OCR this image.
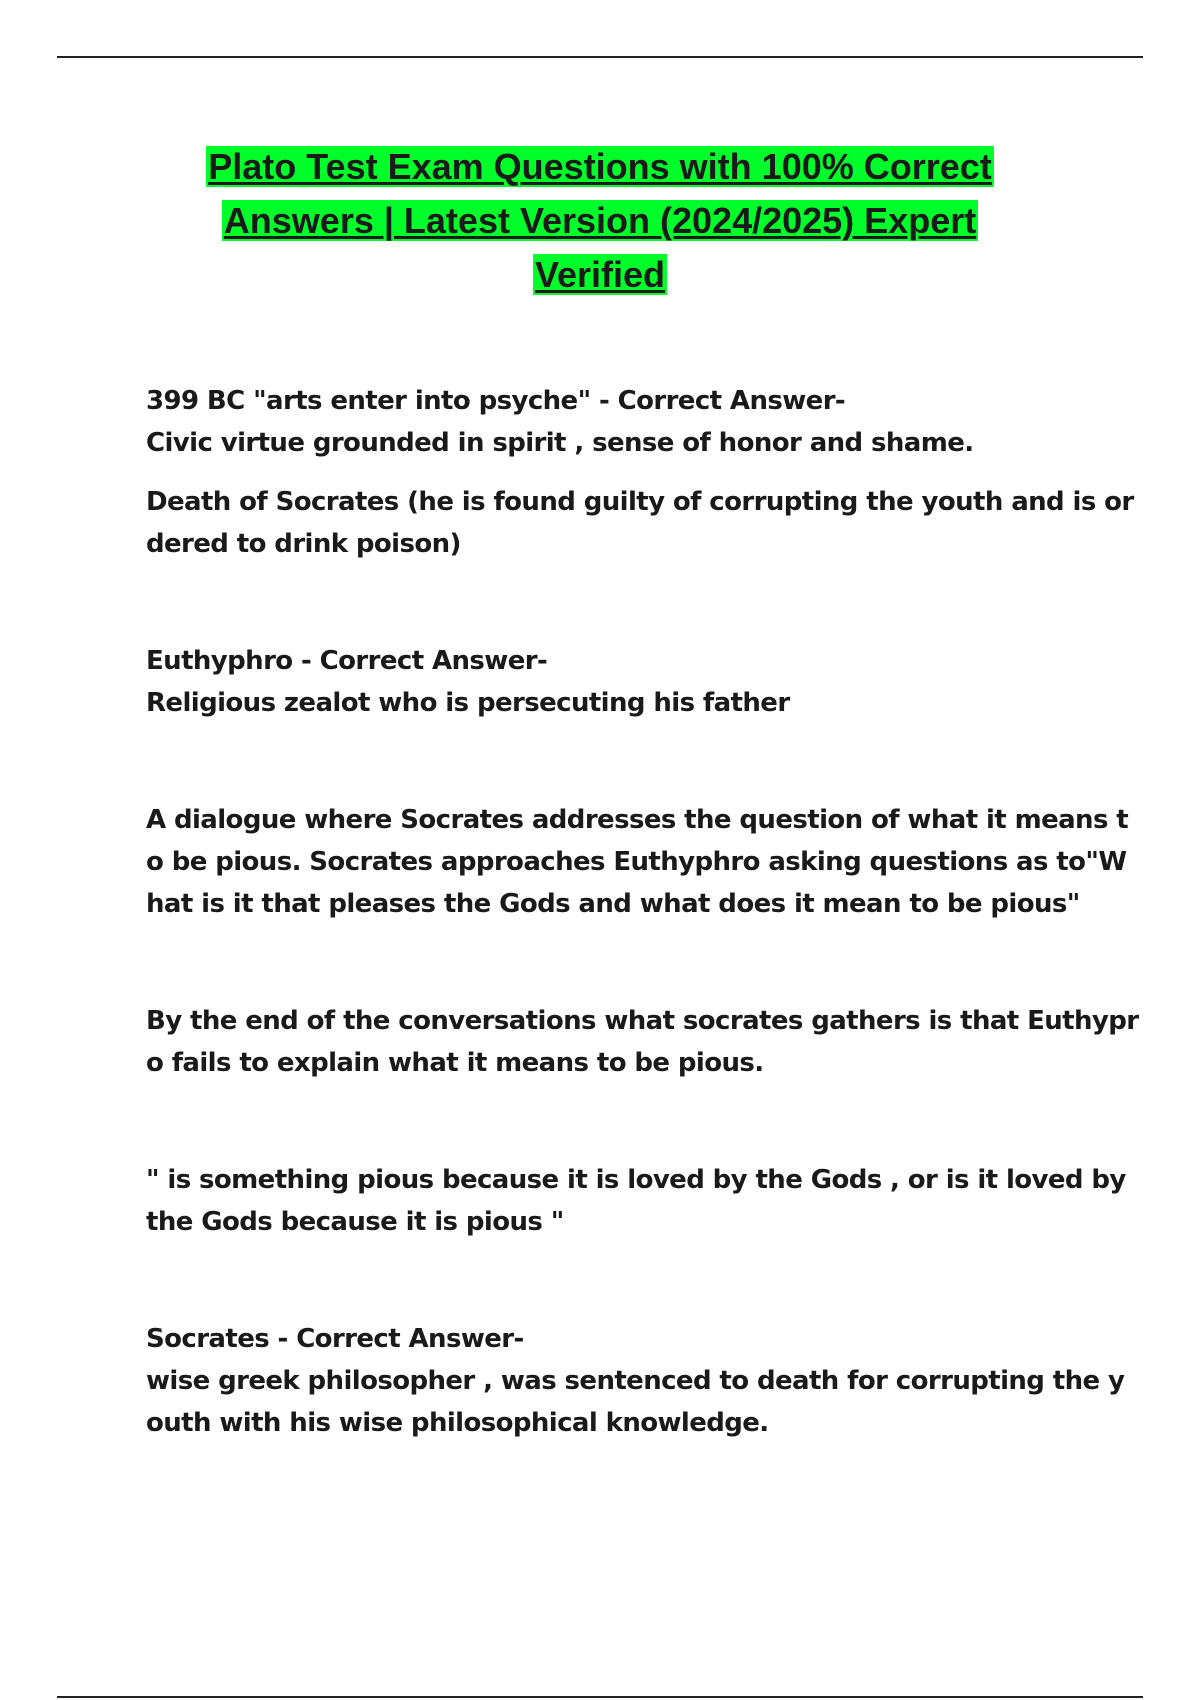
Plato Test Exam Questions with 100% Correct
Answers | Latest Version (2024/2025) Expert
Verified
399 BC "arts enter into psyche" - Correct Answer-
Civic virtue grounded in spirit , sense of honor and shame.
Death of Socrates (he is found guilty of corrupting the youth and is or
dered to drink poison)
Euthyphro - Correct Answer-
Religious zealot who is persecuting his father
A dialogue where Socrates addresses the question of what it means t
o be pious. Socrates approaches Euthyphro asking questions as to"W
hat is it that pleases the Gods and what does it mean to be pious"
By the end of the conversations what socrates gathers is that Euthypr
o fails to explain what it means to be pious.
" is something pious because it is loved by the Gods , or is it loved by
the Gods because it is pious "
Socrates - Correct Answer-
wise greek philosopher , was sentenced to death for corrupting the y
outh with his wise philosophical knowledge.
